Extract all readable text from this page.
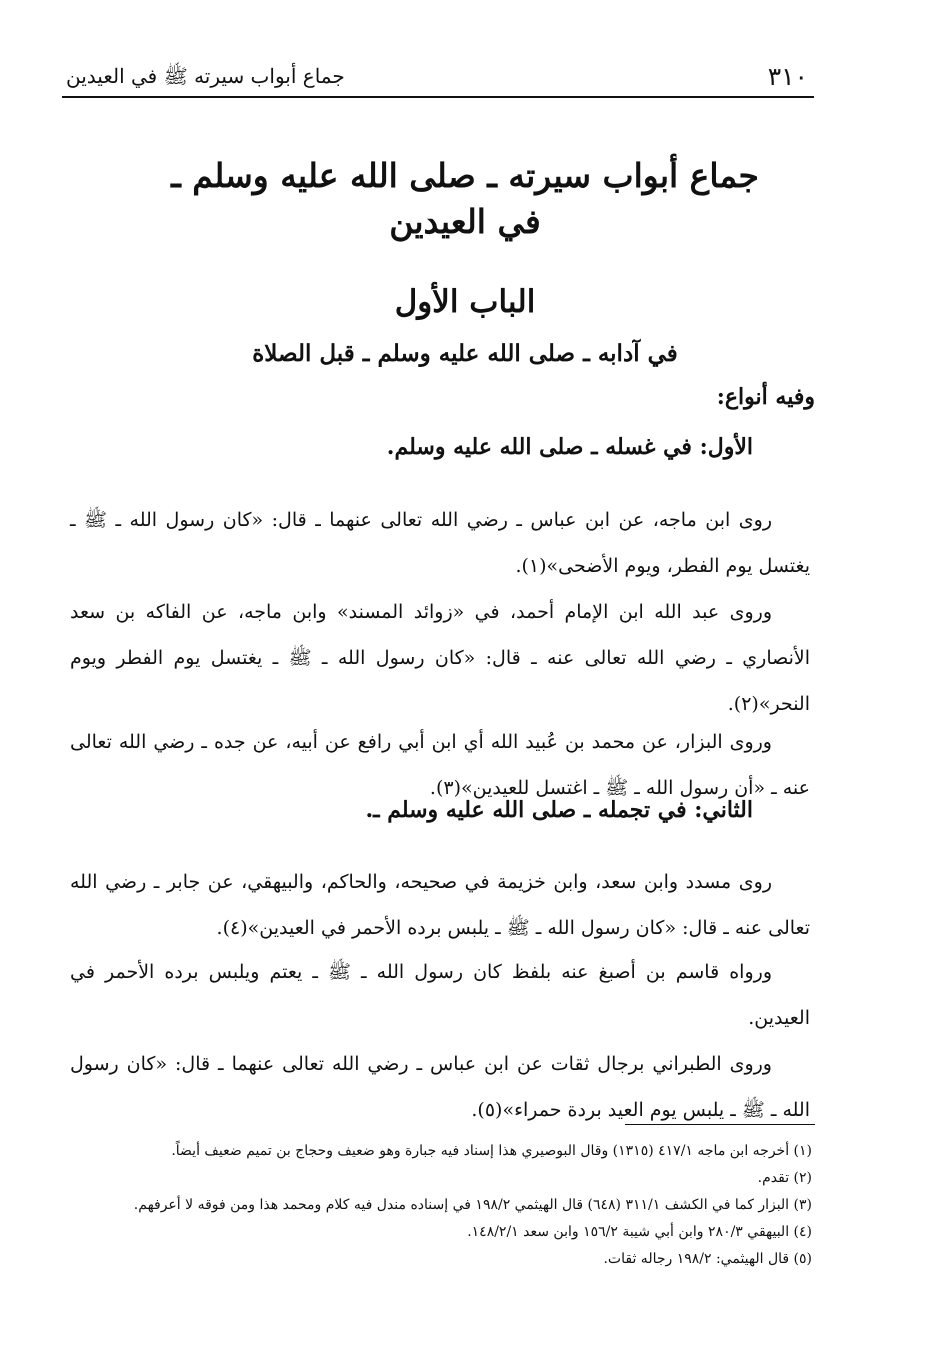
٣١٠
جماع أبواب سيرته ﷺ في العيدين
جماع أبواب سيرته ـ صلى الله عليه وسلم ـ
في العيدين
الباب الأول
في آدابه ـ صلى الله عليه وسلم ـ قبل الصلاة
وفيه أنواع:
الأول: في غسله ـ صلى الله عليه وسلم.

روى ابن ماجه، عن ابن عباس ـ رضي الله تعالى عنهما ـ قال: «كان رسول الله ـ ﷺ ـ يغتسل يوم الفطر، ويوم الأضحى»(١).

وروى عبد الله ابن الإمام أحمد، في «زوائد المسند» وابن ماجه، عن الفاكه بن سعد الأنصاري ـ رضي الله تعالى عنه ـ قال: «كان رسول الله ـ ﷺ ـ يغتسل يوم الفطر ويوم النحر»(٢).

وروى البزار، عن محمد بن عُبيد الله أي ابن أبي رافع عن أبيه، عن جده ـ رضي الله تعالى عنه ـ «أن رسول الله ـ ﷺ ـ اغتسل للعيدين»(٣).

الثاني: في تجمله ـ صلى الله عليه وسلم ـ.

روى مسدد وابن سعد، وابن خزيمة في صحيحه، والحاكم، والبيهقي، عن جابر ـ رضي الله تعالى عنه ـ قال: «كان رسول الله ـ ﷺ ـ يلبس برده الأحمر في العيدين»(٤).

ورواه قاسم بن أصبغ عنه بلفظ كان رسول الله ـ ﷺ ـ يعتم ويلبس برده الأحمر في العيدين.

وروى الطبراني برجال ثقات عن ابن عباس ـ رضي الله تعالى عنهما ـ قال: «كان رسول الله ـ ﷺ ـ يلبس يوم العيد بردة حمراء»(٥).

(١) أخرجه ابن ماجه ٤١٧/١ (١٣١٥) وقال البوصيري هذا إسناد فيه جبارة وهو ضعيف وحجاج بن تميم ضعيف أيضاً.

(٢) تقدم.

(٣) البزار كما في الكشف ٣١١/١ (٦٤٨) قال الهيثمي ١٩٨/٢ في إسناده مندل فيه كلام ومحمد هذا ومن فوقه لا أعرفهم.

(٤) البيهقي ٢٨٠/٣ وابن أبي شيبة ١٥٦/٢ وابن سعد ١٤٨/٢/١.

(٥) قال الهيثمي: ١٩٨/٢ رجاله ثقات.
